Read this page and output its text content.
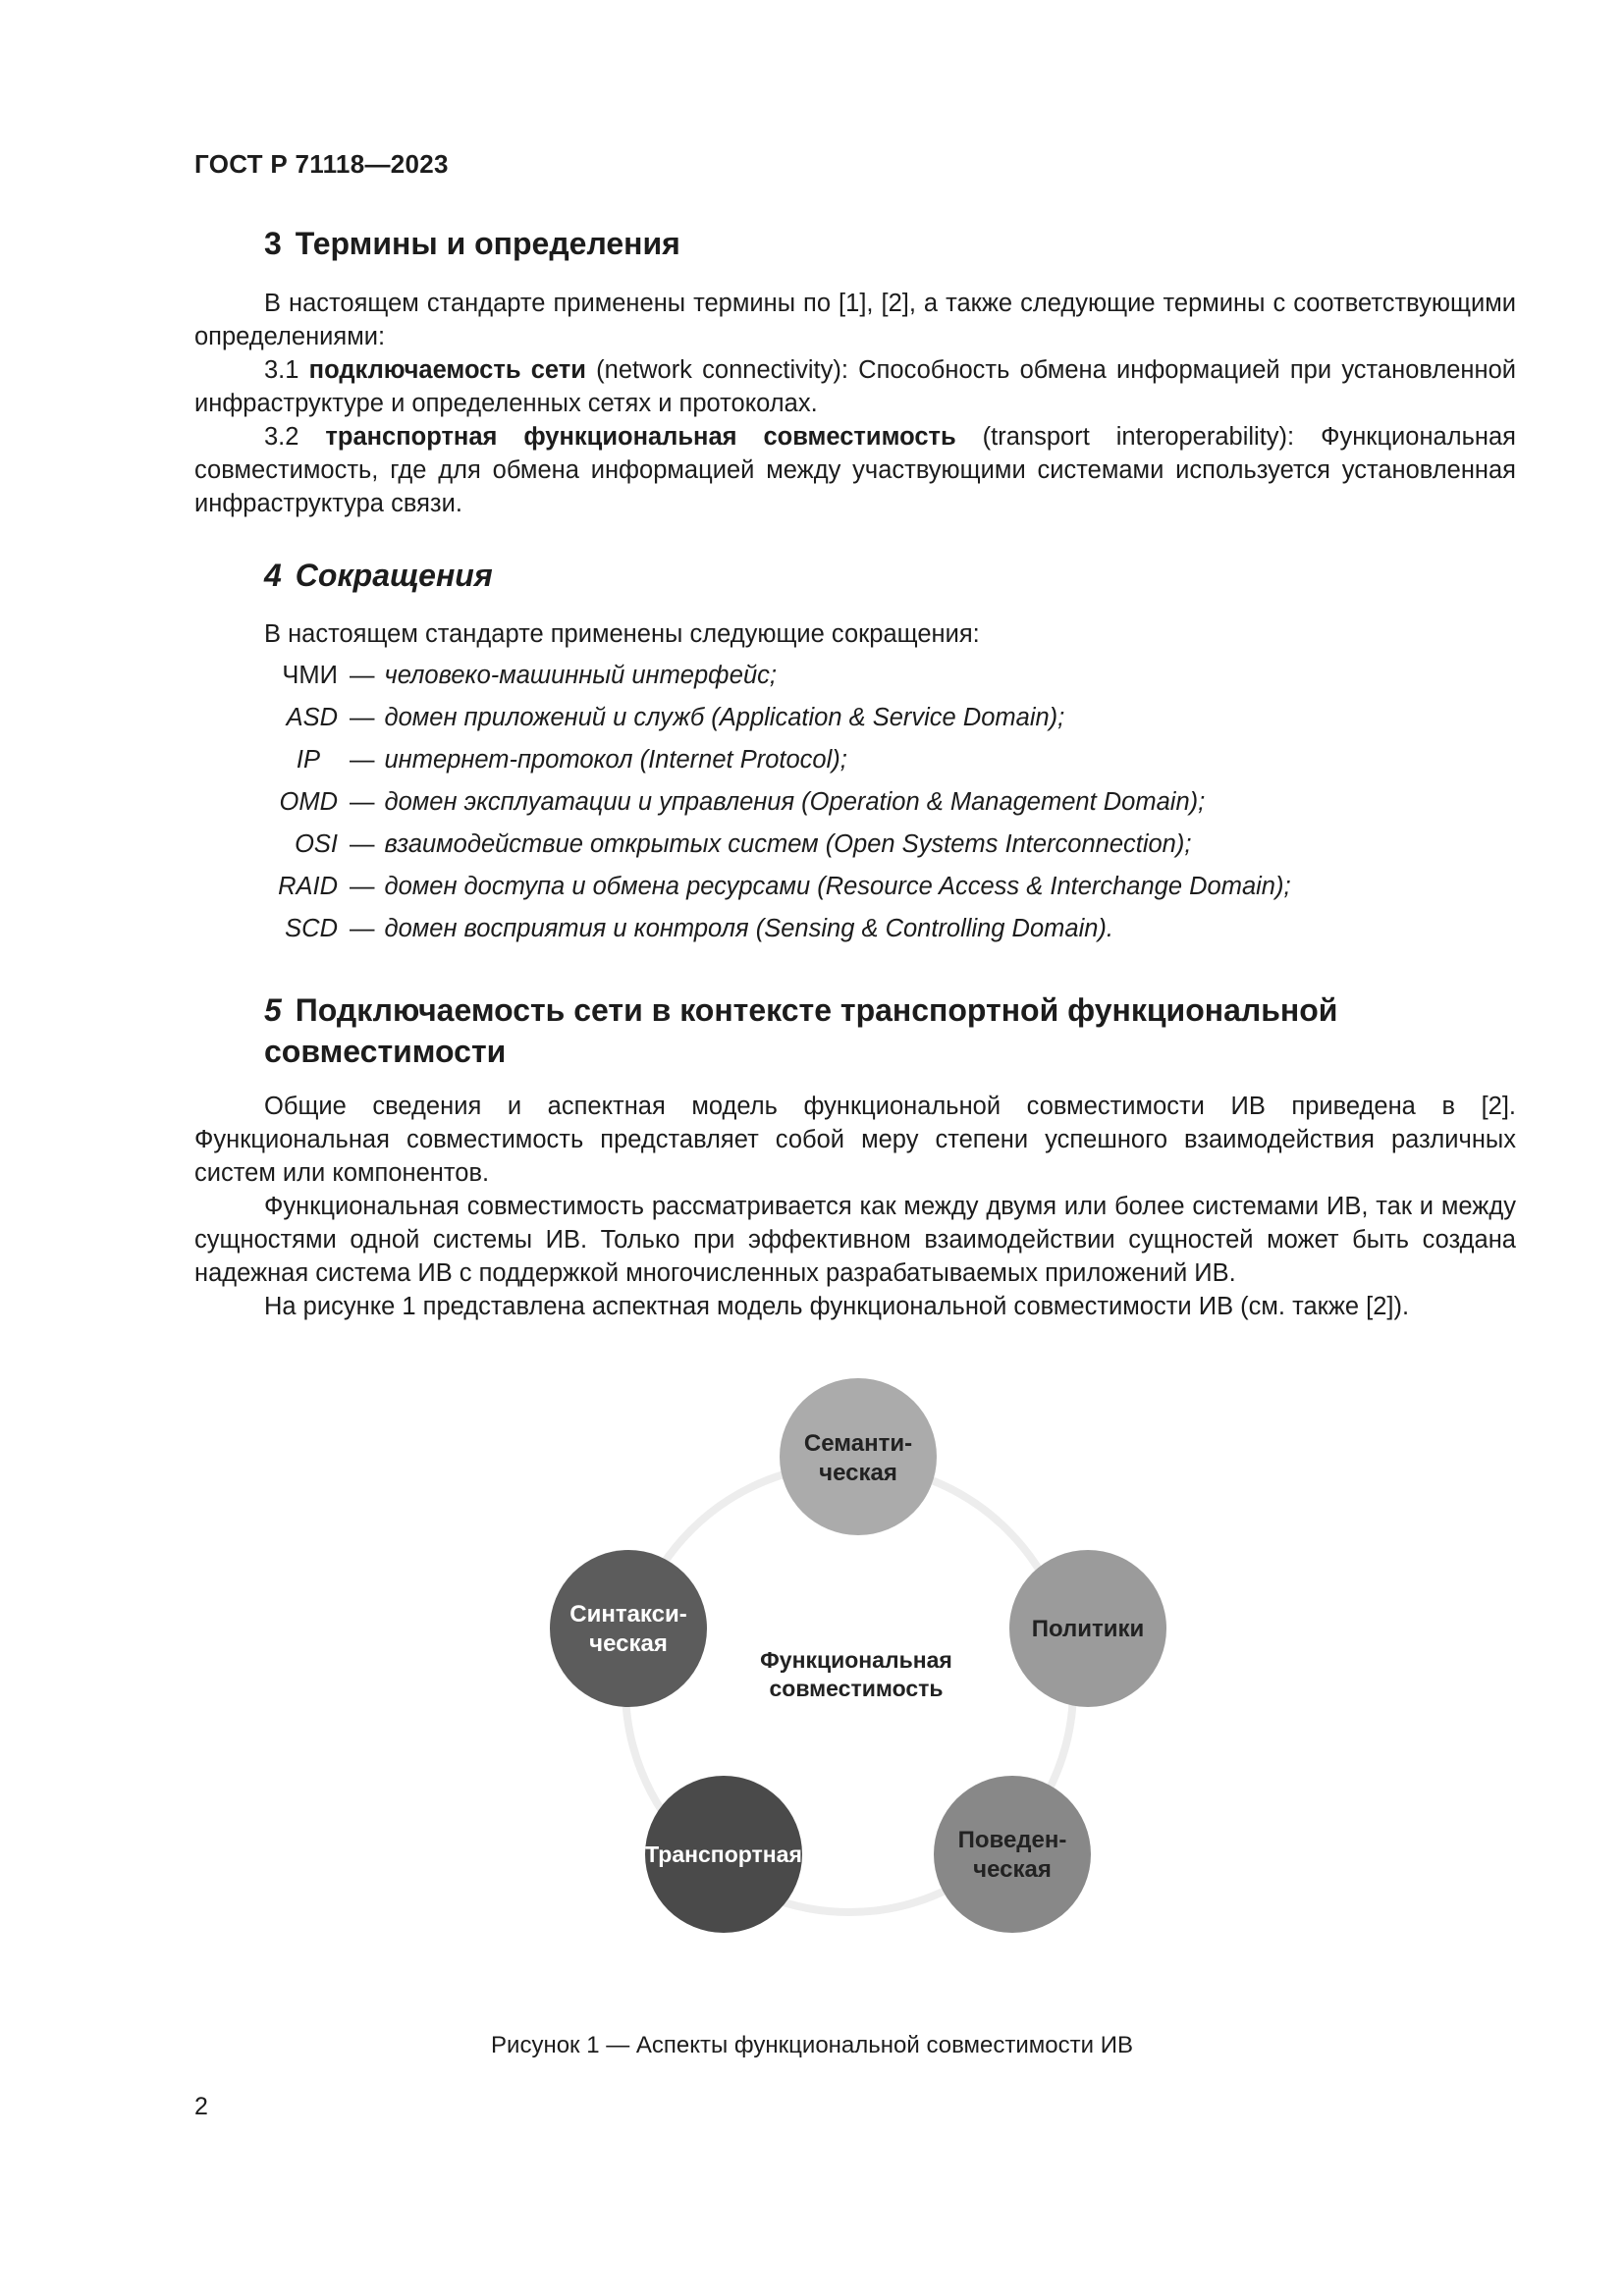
ГОСТ Р 71118—2023
3 Термины и определения

В настоящем стандарте применены термины по [1], [2], а также следующие термины с соответствующими определениями:

3.1 подключаемость сети (network connectivity): Способность обмена информацией при установленной инфраструктуре и определенных сетях и протоколах.

3.2 транспортная функциональная совместимость (transport interoperability): Функциональная совместимость, где для обмена информацией между участвующими системами используется установленная инфраструктура связи.

4 Сокращения
В настоящем стандарте применены следующие сокращения:
ЧМИ — человеко-машинный интерфейс;
ASD — домен приложений и служб (Application & Service Domain);
IP — интернет-протокол (Internet Protocol);
OMD — домен эксплуатации и управления (Operation & Management Domain);
OSI — взаимодействие открытых систем (Open Systems Interconnection);
RAID — домен доступа и обмена ресурсами (Resource Access & Interchange Domain);
SCD — домен восприятия и контроля (Sensing & Controlling Domain).
5 Подключаемость сети в контексте транспортной функциональной
совместимости

Общие сведения и аспектная модель функциональной совместимости ИВ приведена в [2]. Функциональная совместимость представляет собой меру степени успешного взаимодействия различных систем или компонентов.

Функциональная совместимость рассматривается как между двумя или более системами ИВ, так и между сущностями одной системы ИВ. Только при эффективном взаимодействии сущностей может быть создана надежная система ИВ с поддержкой многочисленных разрабатываемых приложений ИВ.

На рисунке 1 представлена аспектная модель функциональной совместимости ИВ (см. также [2]).

Семанти-
ческая
Политики
Поведен-
ческая
Транспортная
Синтакси-
ческая
Функциональная
совместимость
Рисунок 1 — Аспекты функциональной совместимости ИВ
2
